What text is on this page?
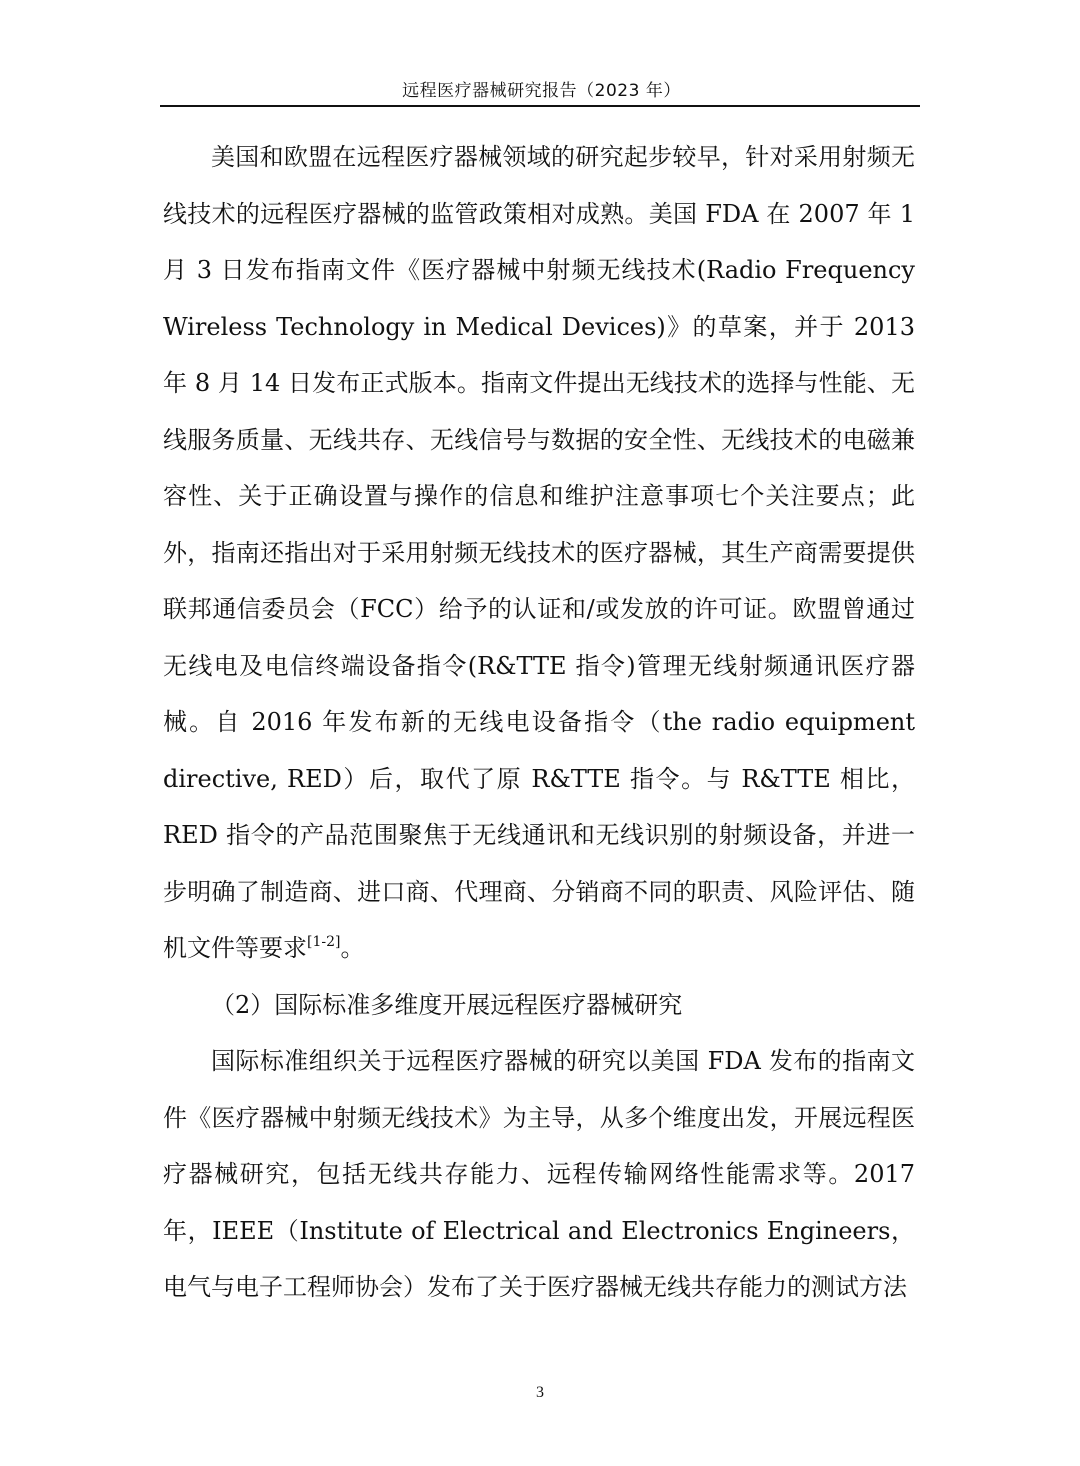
远程医疗器械研究报告（2023 年）

美国和欧盟在远程医疗器械领域的研究起步较早，针对采用射频无线技术的远程医疗器械的监管政策相对成熟。美国 FDA 在 2007 年 1 月 3 日发布指南文件《医疗器械中射频无线技术(Radio Frequency Wireless Technology in Medical Devices)》的草案，并于 2013 年 8 月 14 日发布正式版本。指南文件提出无线技术的选择与性能、无线服务质量、无线共存、无线信号与数据的安全性、无线技术的电磁兼容性、关于正确设置与操作的信息和维护注意事项七个关注要点；此外，指南还指出对于采用射频无线技术的医疗器械，其生产商需要提供联邦通信委员会（FCC）给予的认证和/或发放的许可证。欧盟曾通过无线电及电信终端设备指令(R&TTE 指令)管理无线射频通讯医疗器械。自 2016 年发布新的无线电设备指令（the radio equipment directive, RED）后，取代了原 R&TTE 指令。与 R&TTE 相比，RED 指令的产品范围聚焦于无线通讯和无线识别的射频设备，并进一步明确了制造商、进口商、代理商、分销商不同的职责、风险评估、随机文件等要求[1-2]。

（2）国际标准多维度开展远程医疗器械研究

国际标准组织关于远程医疗器械的研究以美国 FDA 发布的指南文件《医疗器械中射频无线技术》为主导，从多个维度出发，开展远程医疗器械研究，包括无线共存能力、远程传输网络性能需求等。2017 年，IEEE（Institute of Electrical and Electronics Engineers，电气与电子工程师协会）发布了关于医疗器械无线共存能力的测试方法

3
